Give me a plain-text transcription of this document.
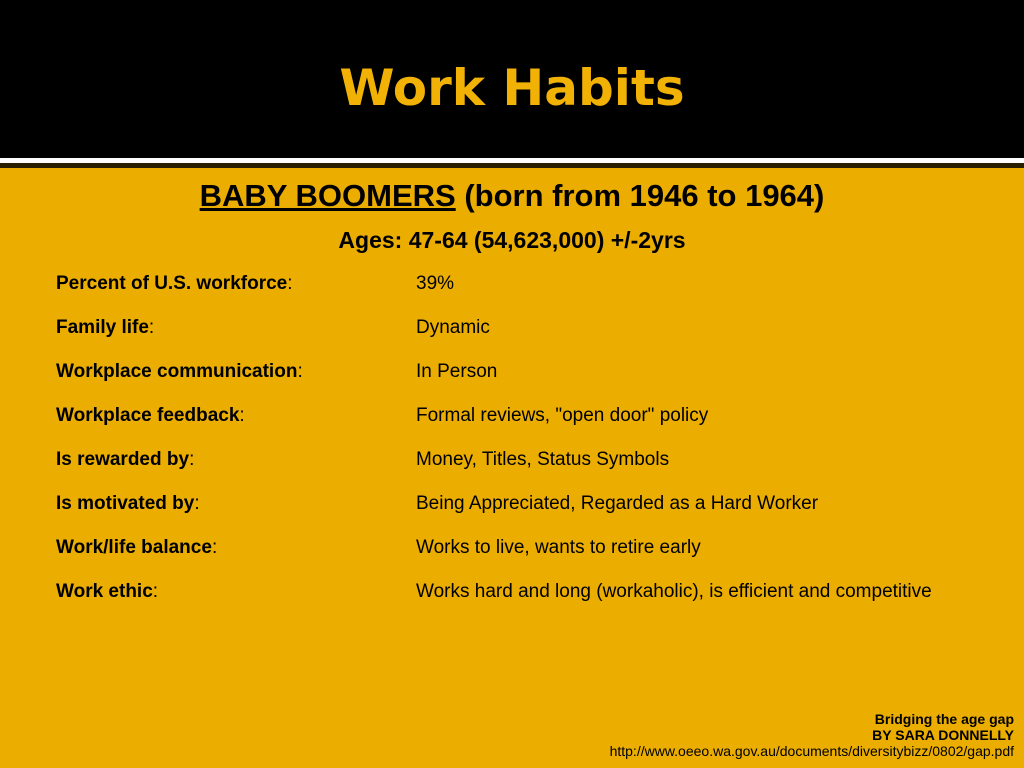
Work Habits
BABY BOOMERS (born from 1946 to 1964)
Ages: 47-64 (54,623,000) +/-2yrs
Percent of U.S. workforce:	39%
Family life:	Dynamic
Workplace communication:	In Person
Workplace feedback:	Formal reviews, "open door" policy
Is rewarded by:	Money, Titles, Status Symbols
Is motivated by:	Being Appreciated, Regarded as a Hard Worker
Work/life balance:	Works to live, wants to retire early
Work ethic:	Works hard and long (workaholic), is efficient and competitive
Bridging the age gap
BY SARA DONNELLY
http://www.oeeo.wa.gov.au/documents/diversitybizz/0802/gap.pdf
